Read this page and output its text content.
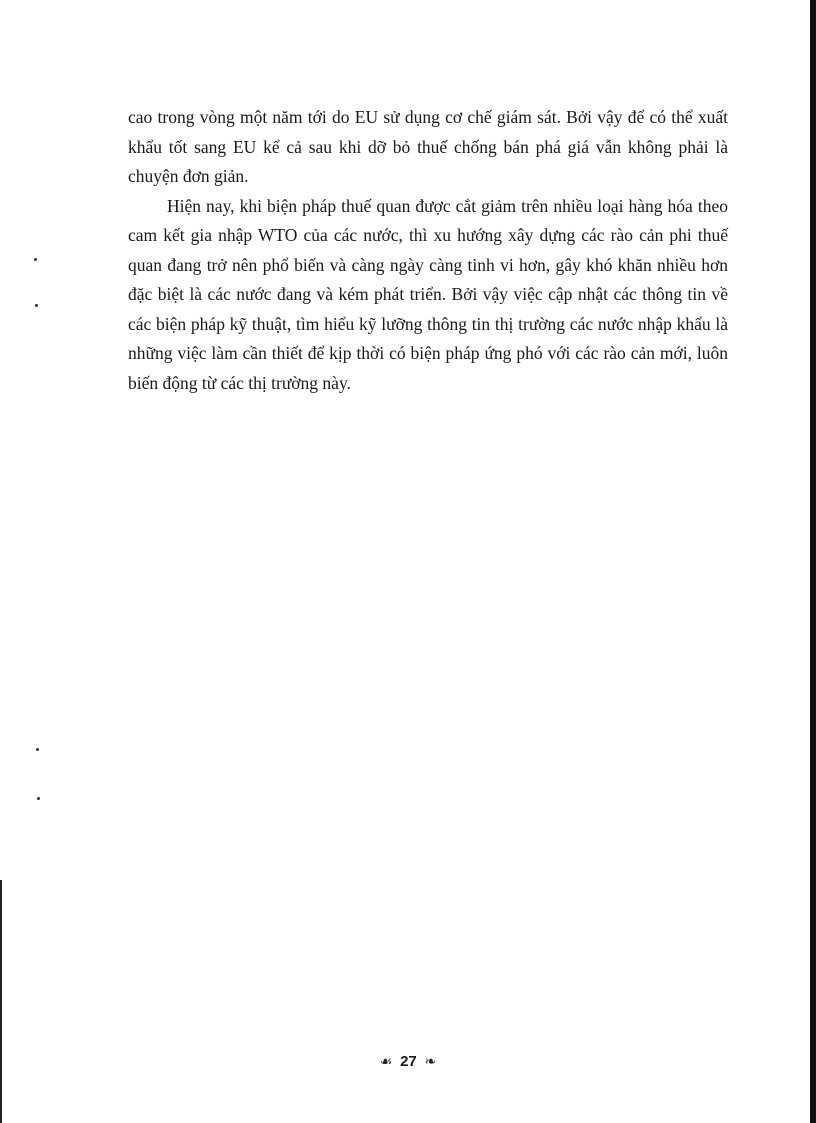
cao trong vòng một năm tới do EU sử dụng cơ chế giám sát. Bởi vậy để có thể xuất khẩu tốt sang EU kể cả sau khi dỡ bỏ thuế chống bán phá giá vẫn không phải là chuyện đơn giản.

Hiện nay, khi biện pháp thuế quan được cắt giảm trên nhiều loại hàng hóa theo cam kết gia nhập WTO của các nước, thì xu hướng xây dựng các rào cản phi thuế quan đang trở nên phổ biến và càng ngày càng tinh vi hơn, gây khó khăn nhiều hơn đặc biệt là các nước đang và kém phát triển. Bởi vậy việc cập nhật các thông tin về các biện pháp kỹ thuật, tìm hiểu kỹ lưỡng thông tin thị trường các nước nhập khẩu là những việc làm cần thiết để kịp thời có biện pháp ứng phó với các rào cản mới, luôn biến động từ các thị trường này.

☙ 27 ❧
